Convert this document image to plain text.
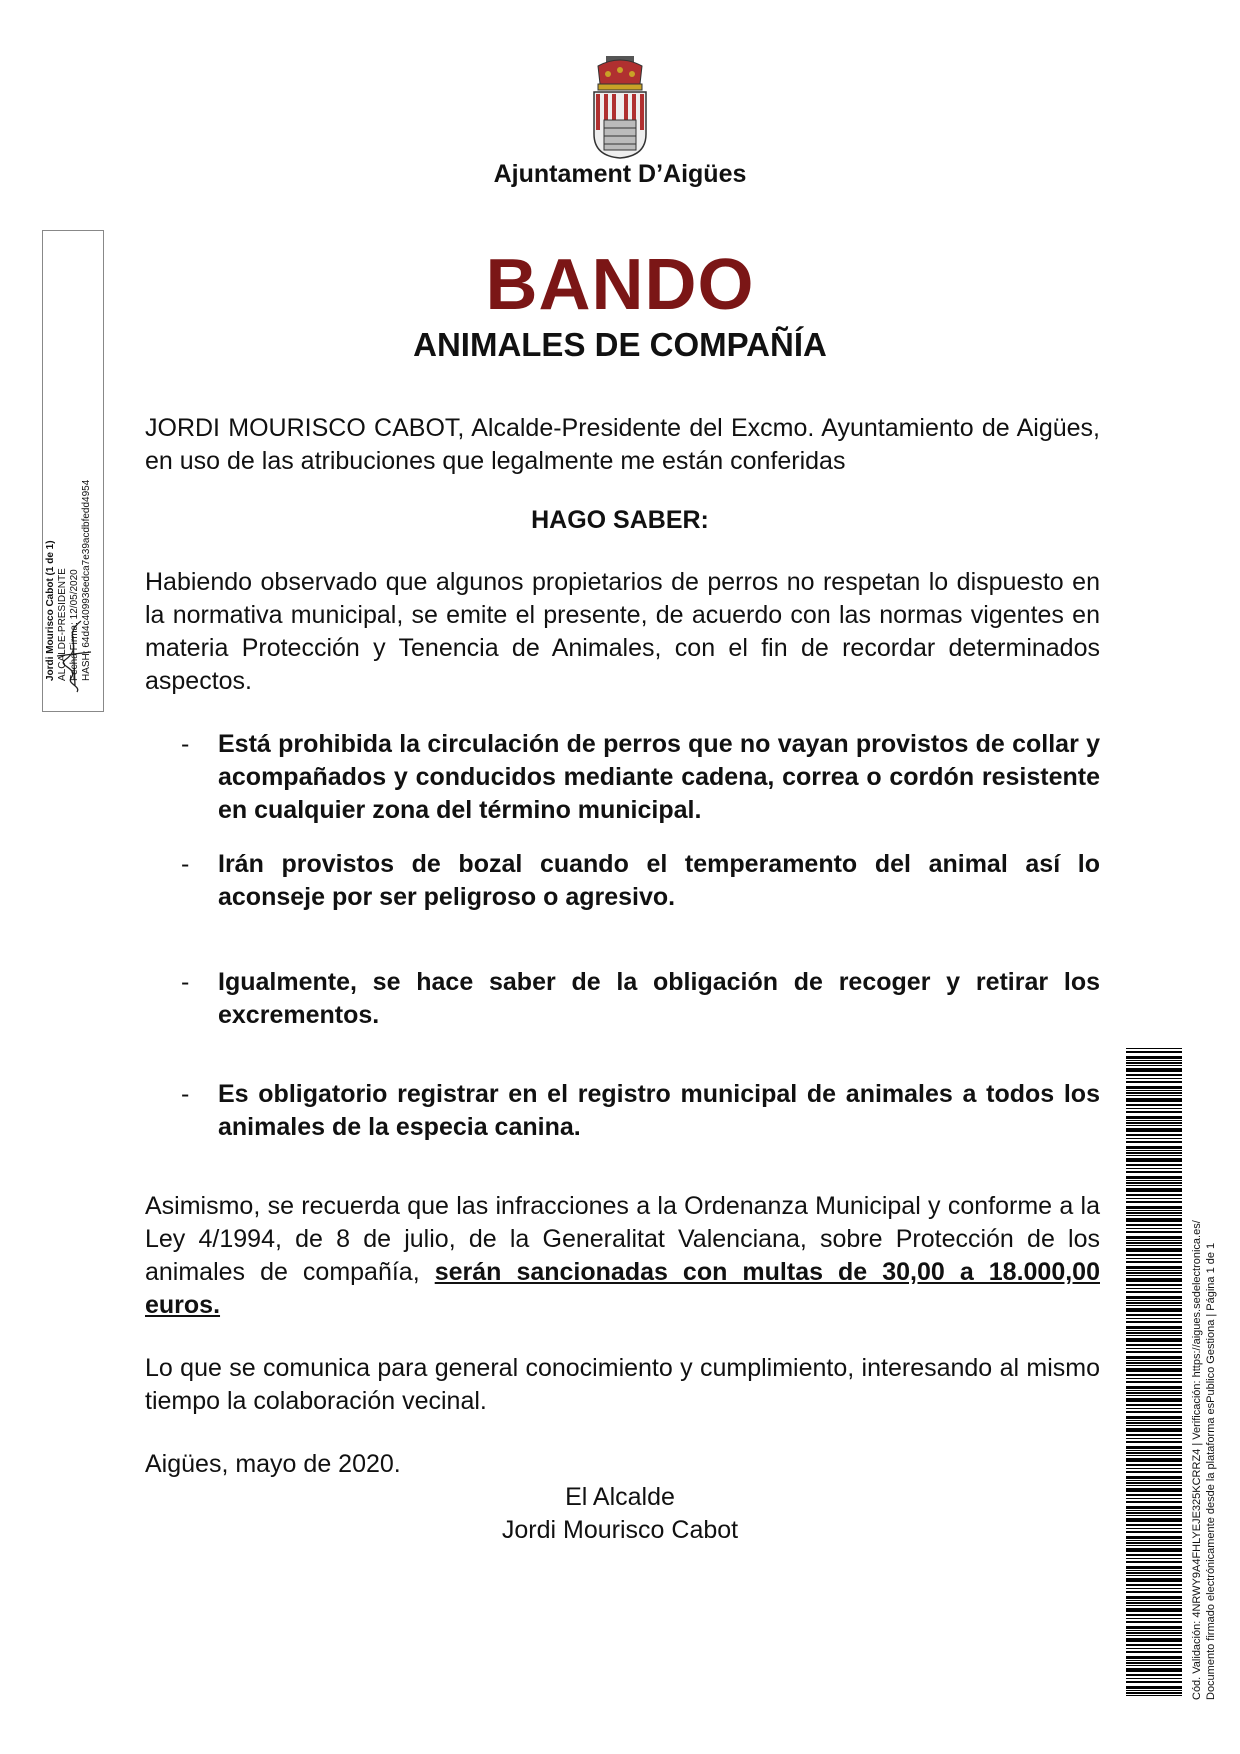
Ajuntament D’Aigües
BANDO
ANIMALES DE COMPAÑÍA

JORDI MOURISCO CABOT, Alcalde-Presidente del Excmo. Ayuntamiento de Aigües, en uso de las atribuciones que legalmente me están conferidas

HAGO SABER:

Habiendo observado que algunos propietarios de perros no respetan lo dispuesto en la normativa municipal, se emite el presente, de acuerdo con las normas vigentes en materia Protección y Tenencia de Animales, con el fin de recordar determinados aspectos.

- Está prohibida la circulación de perros que no vayan provistos de collar y acompañados y conducidos mediante cadena, correa o cordón resistente en cualquier zona del término municipal.
- Irán provistos de bozal cuando el temperamento del animal así lo aconseje por ser peligroso o agresivo.
- Igualmente, se hace saber de la obligación de recoger y retirar los excrementos.
- Es obligatorio registrar en el registro municipal de animales a todos los animales de la especia canina.

Asimismo, se recuerda que las infracciones a la Ordenanza Municipal y conforme a la Ley 4/1994, de 8 de julio, de la Generalitat Valenciana, sobre Protección de los animales de compañía, serán sancionadas con multas de 30,00 a 18.000,00 euros.

Lo que se comunica para general conocimiento y cumplimiento, interesando al mismo tiempo la colaboración vecinal.

Aigües, mayo de 2020.
El Alcalde
Jordi Mourisco Cabot
Jordi Mourisco Cabot (1 de 1) ALCALDE-PRESIDENTE Fecha Firma: 12/05/2020 HASH: 64d4c409936edca7e39acdbfedd4954
Cód. Validación: 4NRWY9A4FHLYEJE325KCRRZ4 | Verificación: https://aigues.sedelectronica.es/ Documento firmado electrónicamente desde la plataforma esPublico Gestiona | Página 1 de 1
